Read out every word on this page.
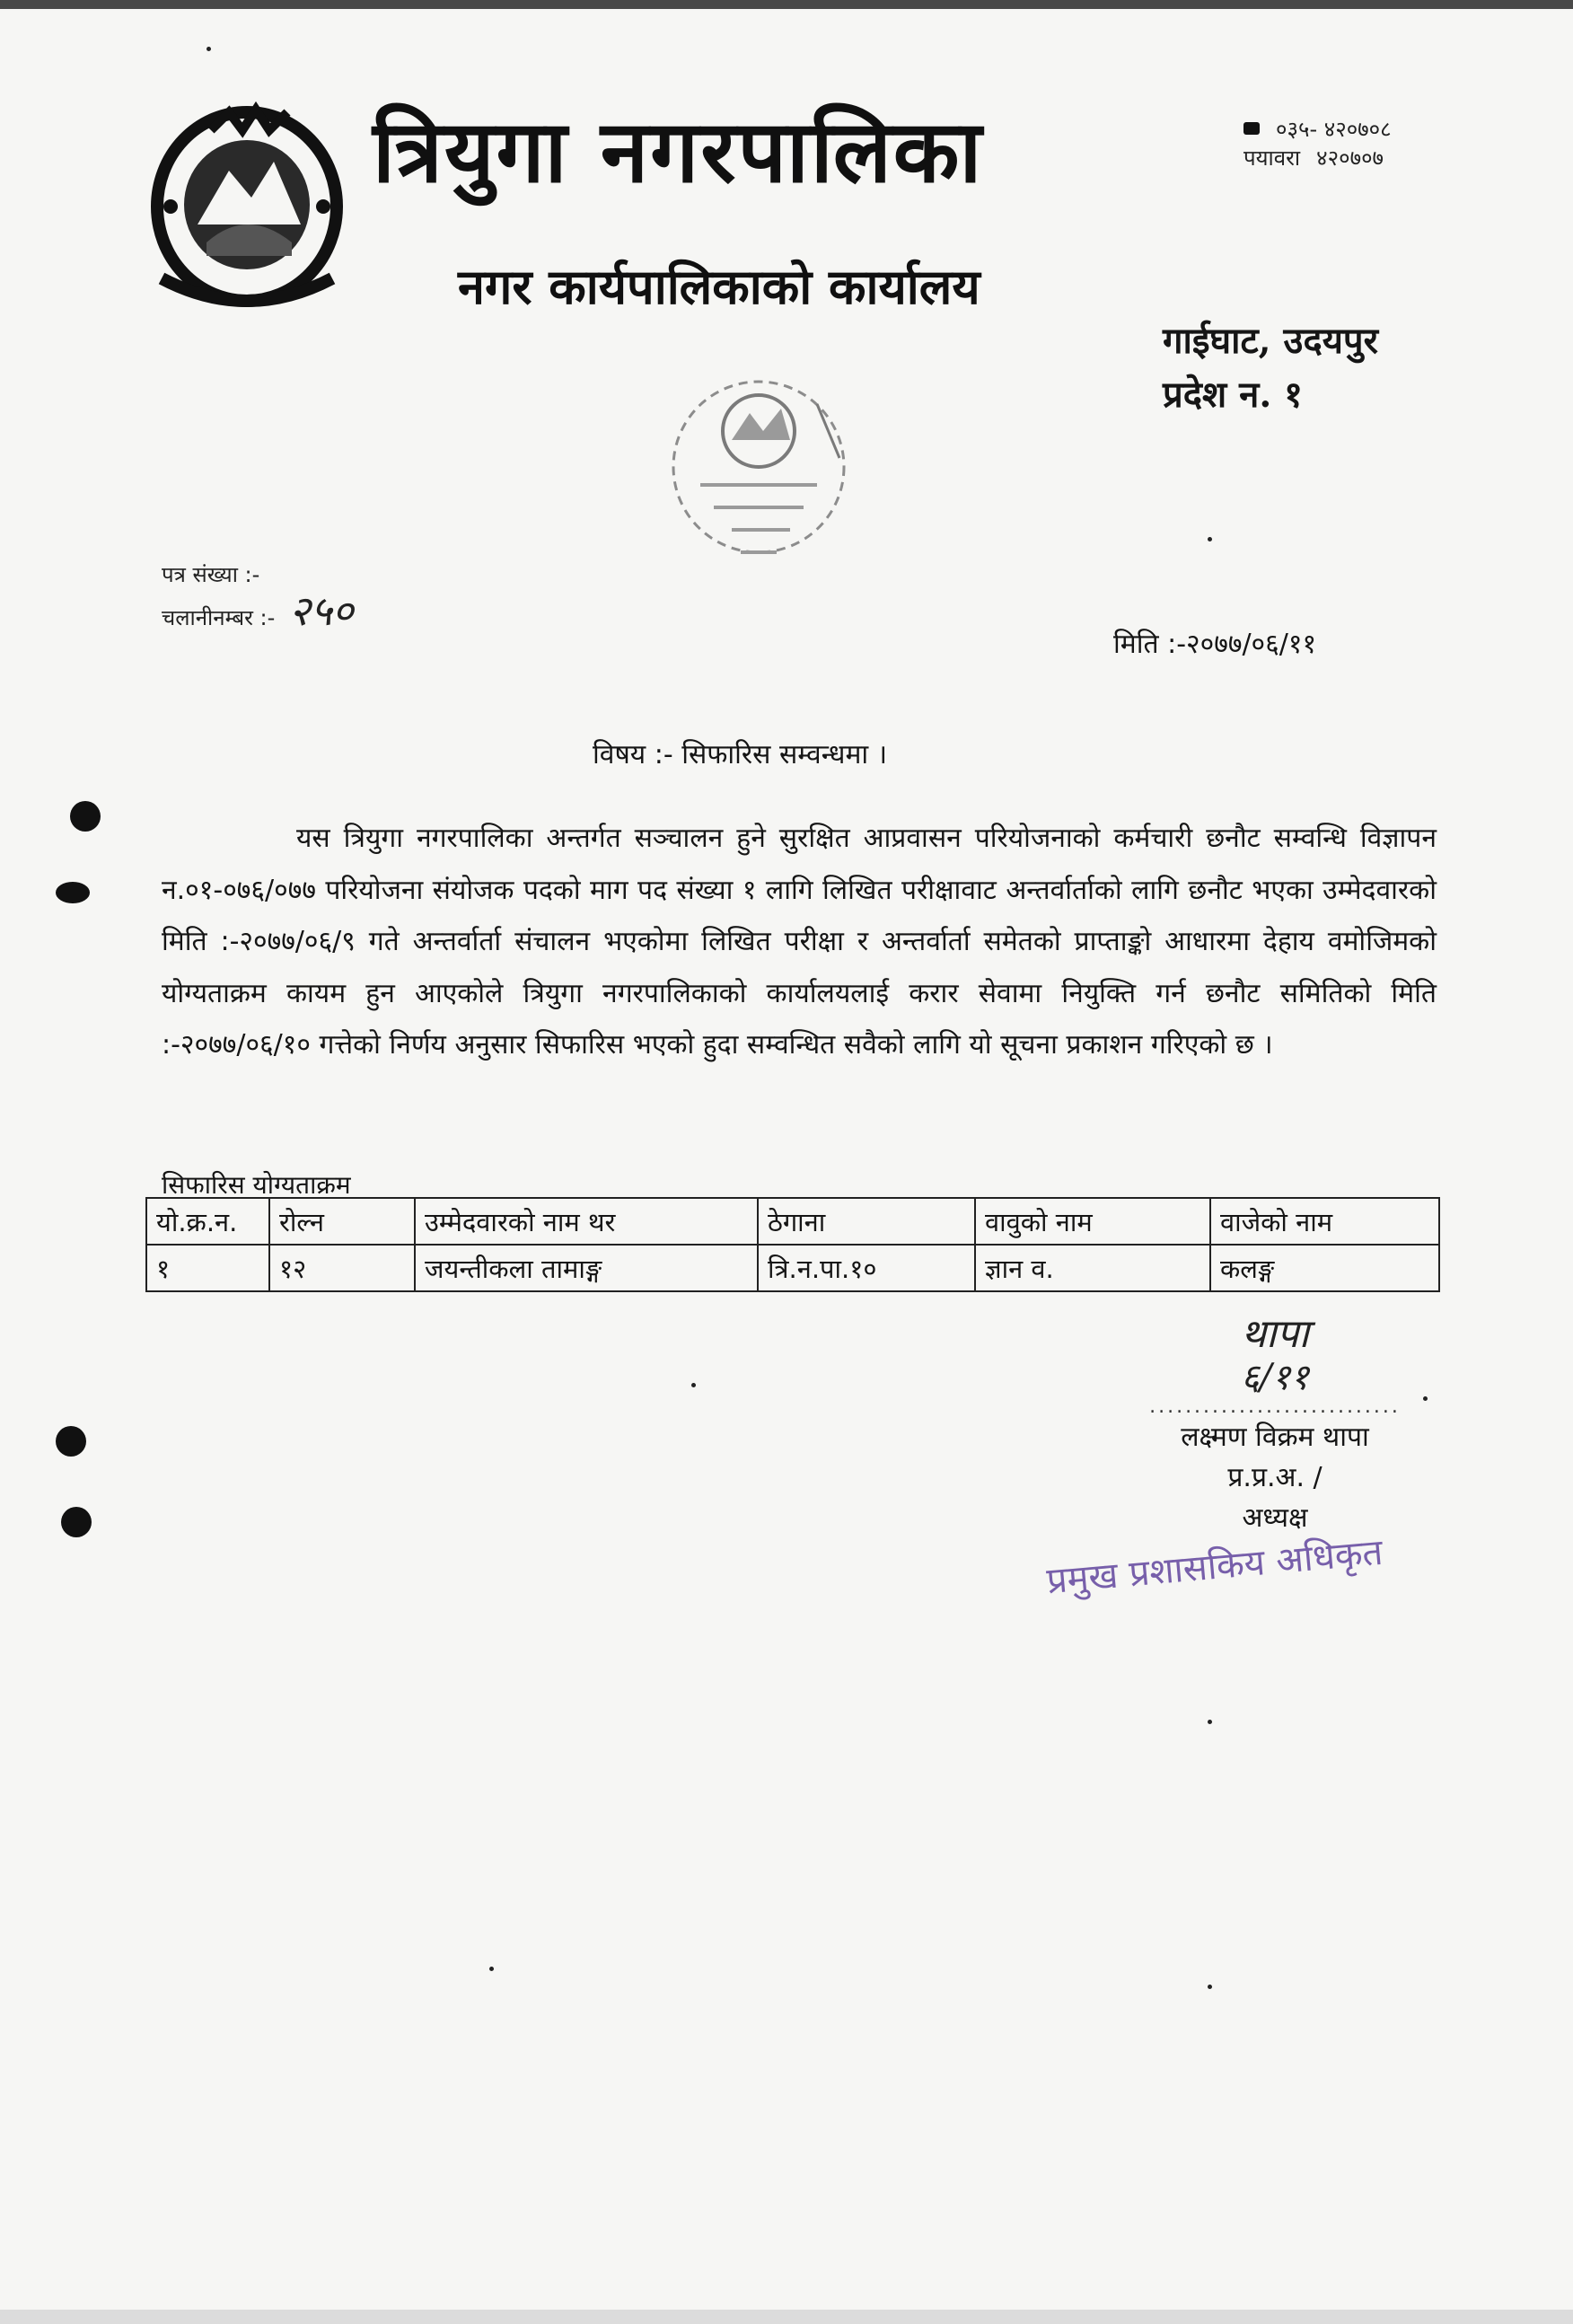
त्रियुगा नगरपालिका
नगर कार्यपालिकाको कार्यालय
०३५- ४२०७०८
पयावरा ४२०७०७
गाईघाट, उदयपुर
प्रदेश न. १
पत्र संख्या :-
चलानीनम्बर :- २५०
मिति :-२०७७/०६/११
विषय :- सिफारिस सम्वन्धमा ।
यस त्रियुगा नगरपालिका अन्तर्गत सञ्चालन हुने सुरक्षित आप्रवासन परियोजनाको कर्मचारी छनौट सम्वन्धि विज्ञापन न.०१-०७६/०७७ परियोजना संयोजक पदको माग पद संख्या १ लागि लिखित परीक्षावाट अन्तर्वार्ताको लागि छनौट भएका उम्मेदवारको मिति :-२०७७/०६/९ गते अन्तर्वार्ता संचालन भएकोमा लिखित परीक्षा र अन्तर्वार्ता समेतको प्राप्ताङ्को आधारमा देहाय वमोजिमको योग्यताक्रम कायम हुन आएकोले त्रियुगा नगरपालिकाको कार्यालयलाई करार सेवामा नियुक्ति गर्न छनौट समितिको मिति :-२०७७/०६/१० गत्तेको निर्णय अनुसार सिफारिस भएको हुदा सम्वन्धित सवैको लागि यो सूचना प्रकाशन गरिएको छ ।
सिफारिस योग्यताक्रम
यो.क्र.न.	रोल्न	उम्मेदवारको नाम थर	ठेगाना	वावुको नाम	वाजेको नाम
१	१२	जयन्तीकला तामाङ्ग	त्रि.न.पा.१०	ज्ञान व.	कलङ्ग
थापा
६/११
............................
लक्ष्मण विक्रम थापा
प्र.प्र.अ. /
अध्यक्ष
प्रमुख प्रशासकिय अधिकृत
